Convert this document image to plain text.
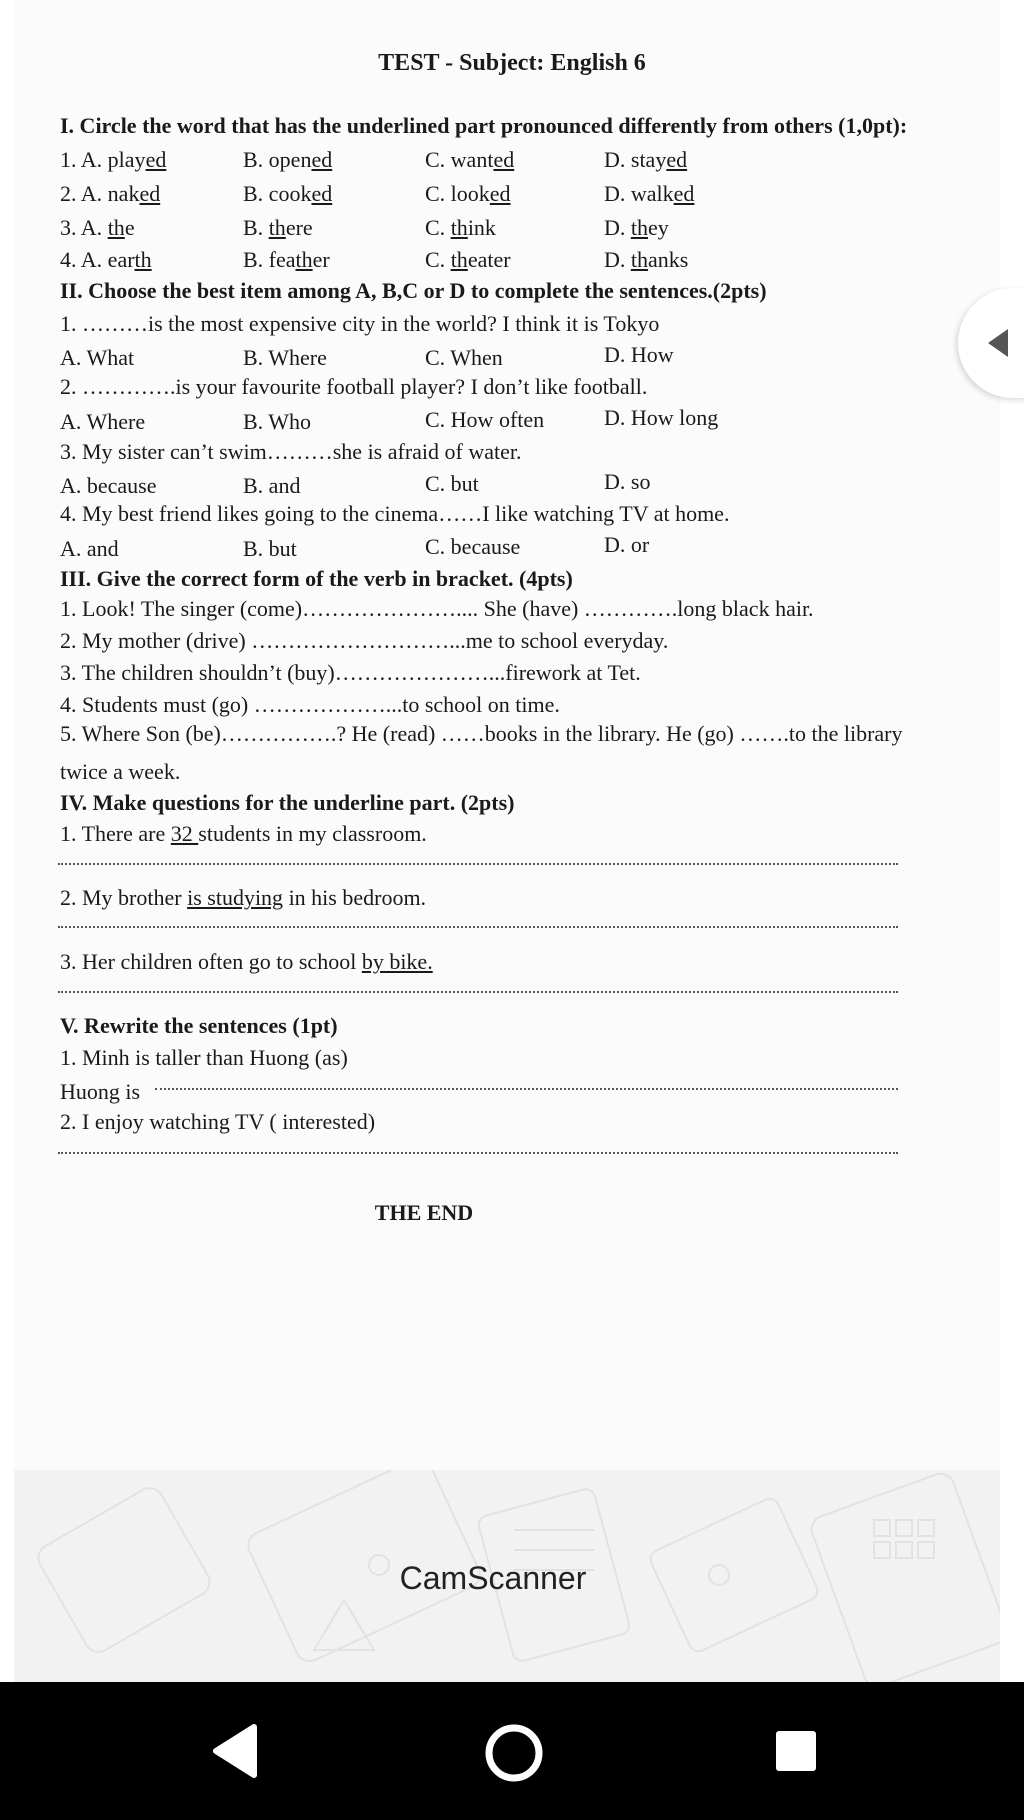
TEST - Subject: English 6
I. Circle the word that has the underlined part pronounced differently from others (1,0pt):
1. A. played	B. opened	C. wanted	D. stayed
2. A. naked	B. cooked	C. looked	D. walked
3. A. the	B. there	C. think	D. they
4. A. earth	B. feather	C. theater	D. thanks
II. Choose the best item among A, B,C or D to complete the sentences.(2pts)
1. ………is the most expensive city in the world? I think it is Tokyo
A. What	B. Where	C. When	D. How
2. ………….is your favourite football player? I don’t like football.
A. Where	B. Who	C. How often	D. How long
3. My sister can’t swim………she is afraid of water.
A. because	B. and	C. but	D. so
4. My best friend likes going to the cinema……I like watching TV at home.
A. and	B. but	C. because	D. or
III. Give the correct form of the verb in bracket. (4pts)
1. Look! The singer (come)………………….... She (have) ………….long black hair.
2. My mother (drive) ………………………...me to school everyday.
3. The children shouldn’t (buy)…………………...firework at Tet.
4. Students must (go) ………………...to school on time.
5. Where Son (be)…………….? He (read) ……books in the library. He (go) …….to the library
twice a week.
IV. Make questions for the underline part. (2pts)
1. There are 32 students in my classroom.
2. My brother is studying in his bedroom.
3. Her children often go to school by bike.
V. Rewrite the sentences (1pt)
1. Minh is taller than Huong (as)
Huong is
2. I enjoy watching TV ( interested)
THE END
CamScanner
